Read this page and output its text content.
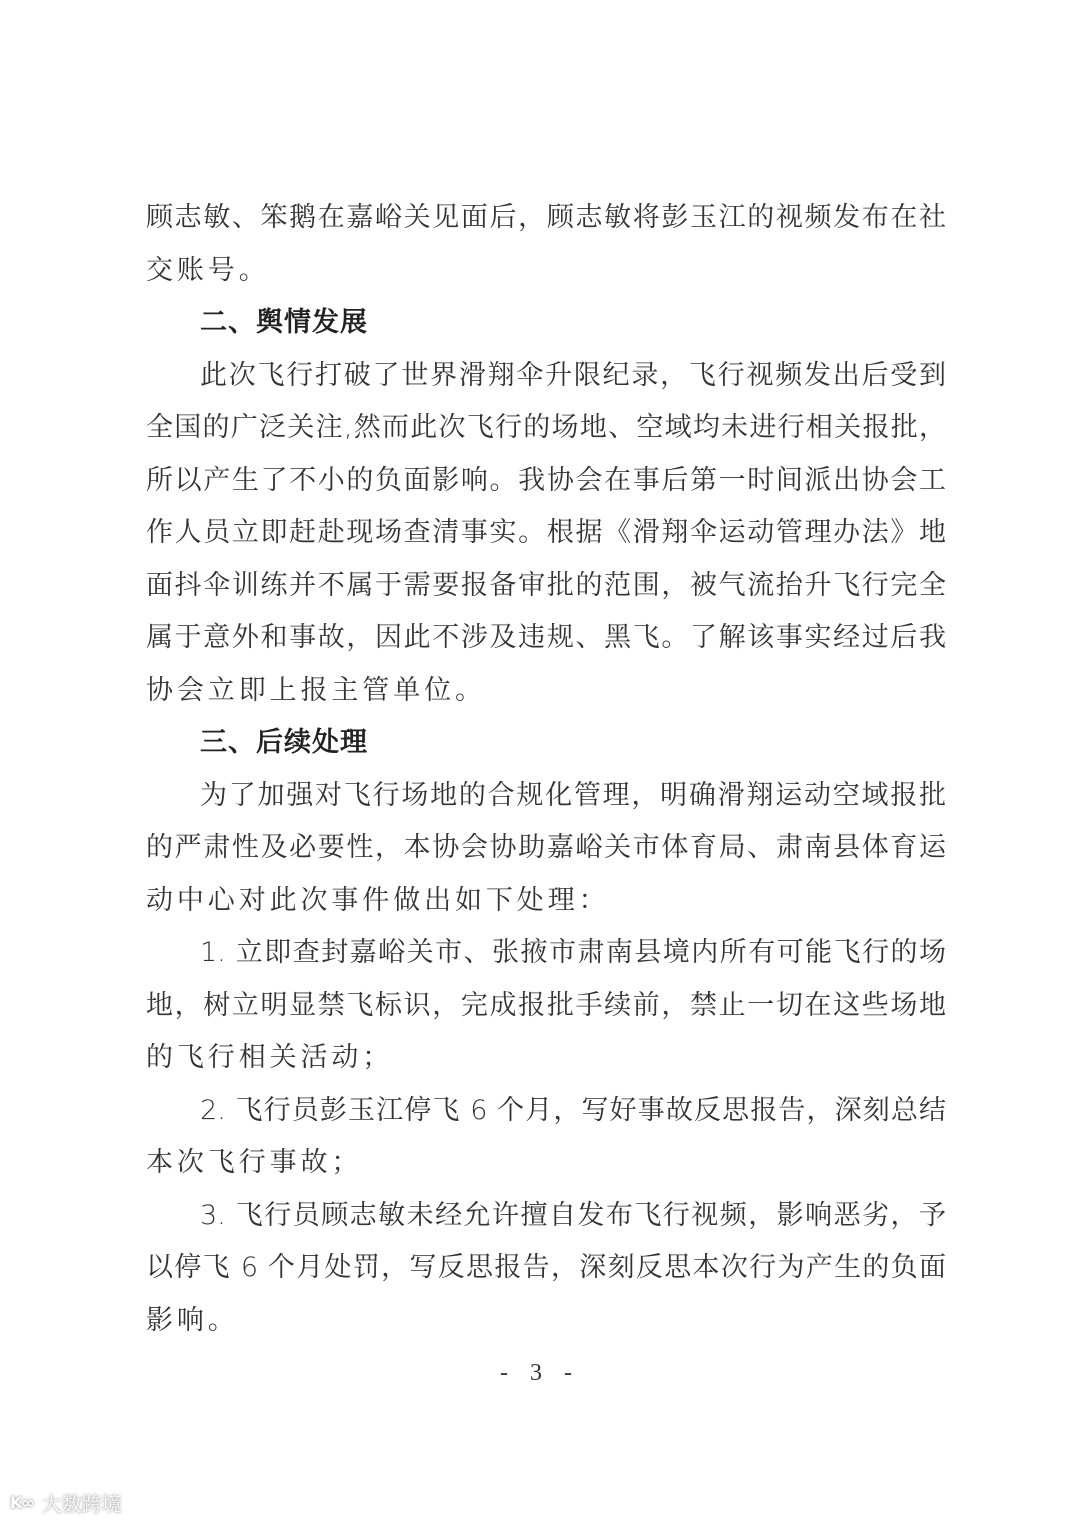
顾志敏、笨鹅在嘉峪关见面后，顾志敏将彭玉江的视频发布在社
交账号。
二、舆情发展
此次飞行打破了世界滑翔伞升限纪录，飞行视频发出后受到
全国的广泛关注,然而此次飞行的场地、空域均未进行相关报批，
所以产生了不小的负面影响。我协会在事后第一时间派出协会工
作人员立即赶赴现场查清事实。根据《滑翔伞运动管理办法》地
面抖伞训练并不属于需要报备审批的范围，被气流抬升飞行完全
属于意外和事故，因此不涉及违规、黑飞。了解该事实经过后我
协会立即上报主管单位。
三、后续处理
为了加强对飞行场地的合规化管理，明确滑翔运动空域报批
的严肃性及必要性，本协会协助嘉峪关市体育局、肃南县体育运
动中心对此次事件做出如下处理：
1. 立即查封嘉峪关市、张掖市肃南县境内所有可能飞行的场
地，树立明显禁飞标识，完成报批手续前，禁止一切在这些场地
的飞行相关活动；
2. 飞行员彭玉江停飞 6 个月，写好事故反思报告，深刻总结
本次飞行事故；
3. 飞行员顾志敏未经允许擅自发布飞行视频，影响恶劣，予
以停飞 6 个月处罚，写反思报告，深刻反思本次行为产生的负面
影响。
- 3 -
K∞ 大数跨境
